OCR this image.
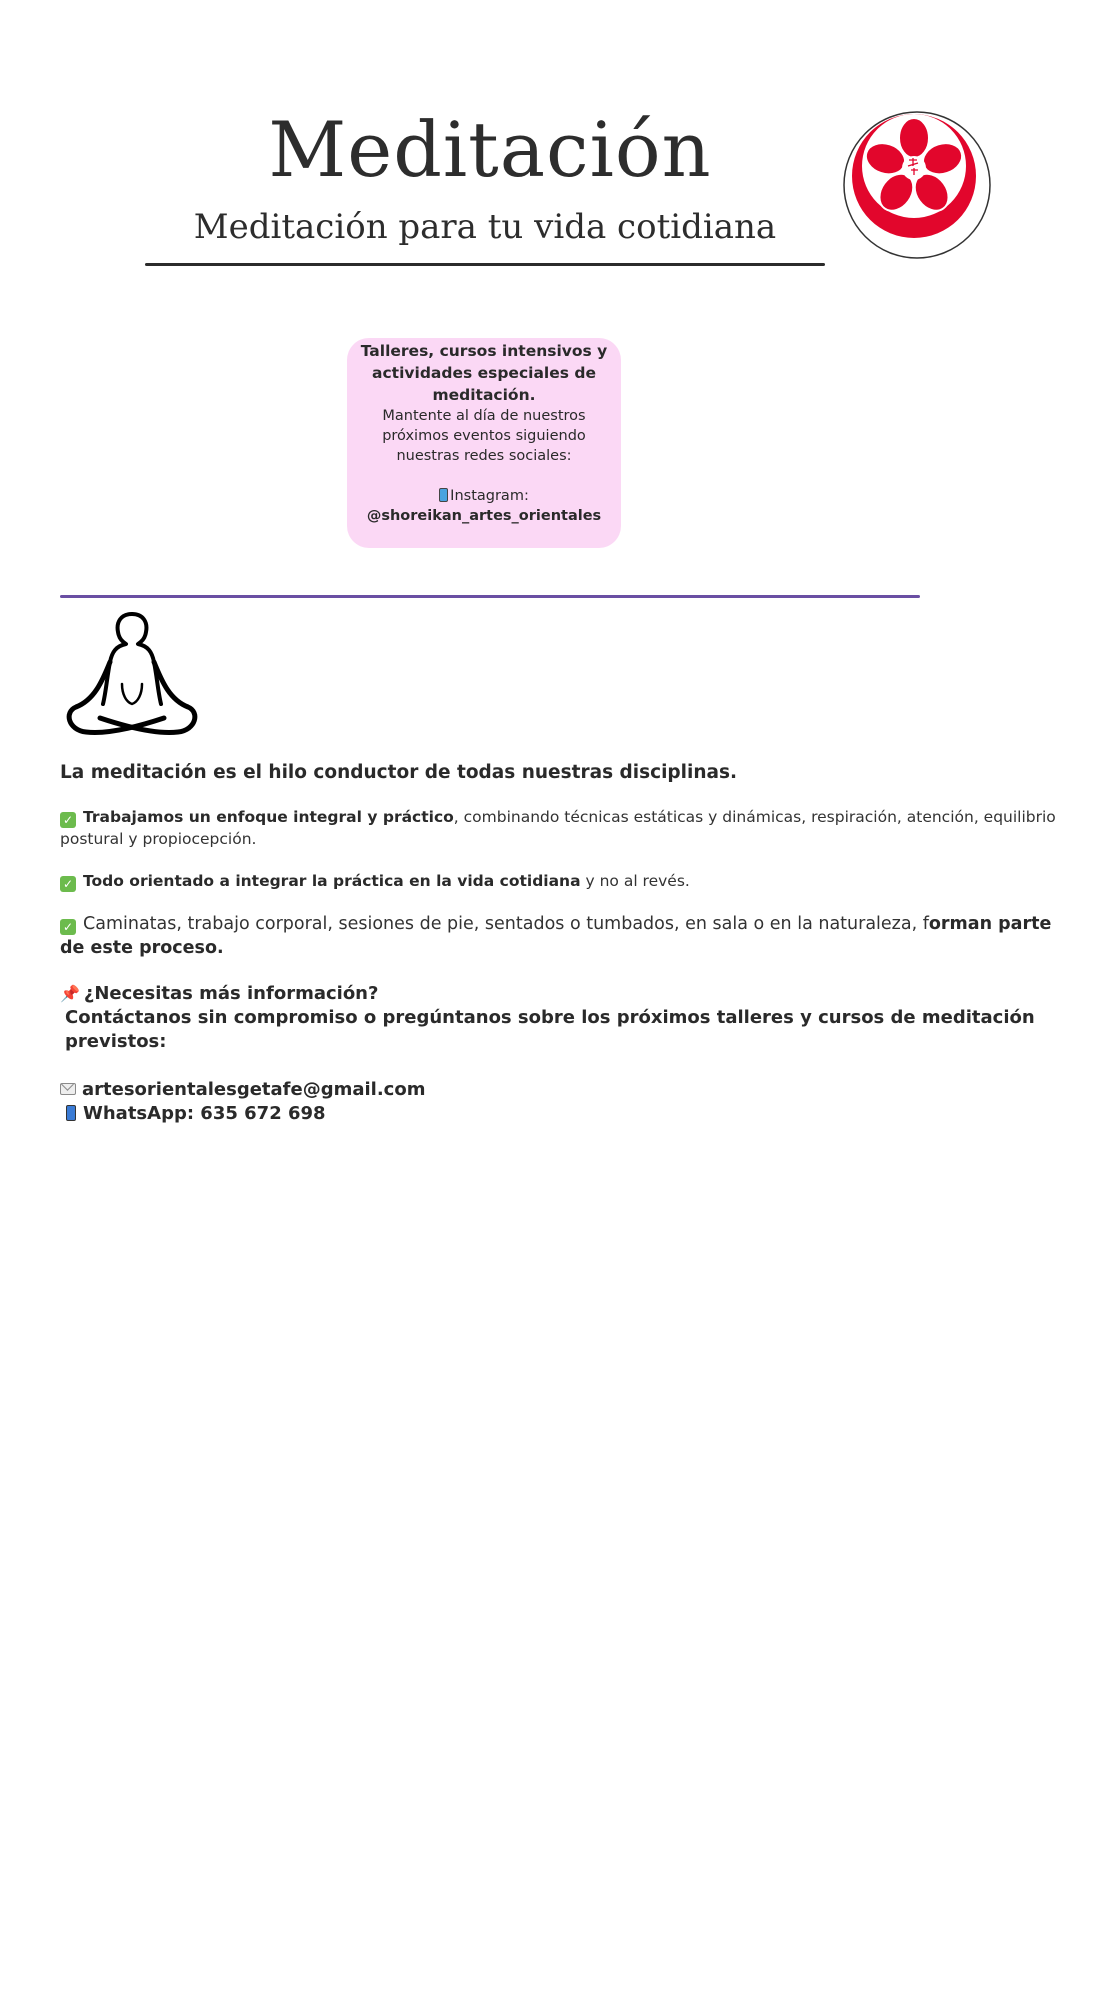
Meditación
Meditación para tu vida cotidiana
Talleres, cursos intensivos y actividades especiales de meditación.
Mantente al día de nuestros próximos eventos siguiendo nuestras redes sociales:
Instagram:
@shoreikan_artes_orientales

La meditación es el hilo conductor de todas nuestras disciplinas.

✓ Trabajamos un enfoque integral y práctico, combinando técnicas estáticas y dinámicas, respiración, atención, equilibrio postural y propiocepción.

✓ Todo orientado a integrar la práctica en la vida cotidiana y no al revés.

✓ Caminatas, trabajo corporal, sesiones de pie, sentados o tumbados, en sala o en la naturaleza, forman parte de este proceso.

📌 ¿Necesitas más información?

Contáctanos sin compromiso o pregúntanos sobre los próximos talleres y cursos de meditación previstos:

artesorientalesgetafe@gmail.com

WhatsApp: 635 672 698
